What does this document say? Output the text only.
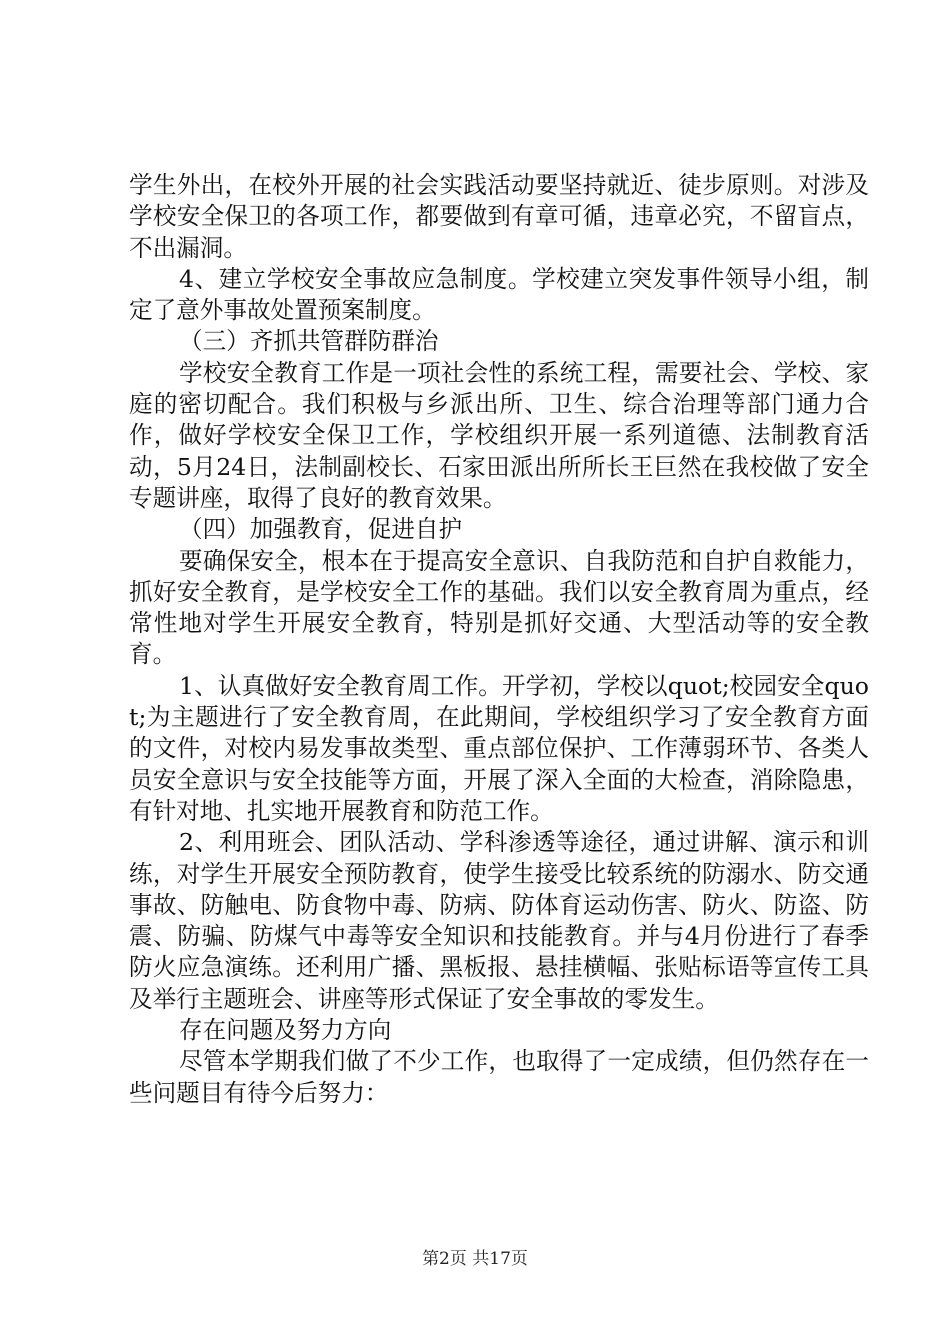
学生外出，在校外开展的社会实践活动要坚持就近、徒步原则。对涉及学校安全保卫的各项工作，都要做到有章可循，违章必究，不留盲点，不出漏洞。

4、建立学校安全事故应急制度。学校建立突发事件领导小组，制定了意外事故处置预案制度。

（三）齐抓共管群防群治

学校安全教育工作是一项社会性的系统工程，需要社会、学校、家庭的密切配合。我们积极与乡派出所、卫生、综合治理等部门通力合作，做好学校安全保卫工作，学校组织开展一系列道德、法制教育活动，5月24日，法制副校长、石家田派出所所长王巨然在我校做了安全专题讲座，取得了良好的教育效果。

（四）加强教育，促进自护

要确保安全，根本在于提高安全意识、自我防范和自护自救能力，抓好安全教育，是学校安全工作的基础。我们以安全教育周为重点，经常性地对学生开展安全教育，特别是抓好交通、大型活动等的安全教育。

1、认真做好安全教育周工作。开学初，学校以quot;校园安全quot;为主题进行了安全教育周，在此期间，学校组织学习了安全教育方面的文件，对校内易发事故类型、重点部位保护、工作薄弱环节、各类人员安全意识与安全技能等方面，开展了深入全面的大检查，消除隐患，有针对地、扎实地开展教育和防范工作。

2、利用班会、团队活动、学科渗透等途径，通过讲解、演示和训练，对学生开展安全预防教育，使学生接受比较系统的防溺水、防交通事故、防触电、防食物中毒、防病、防体育运动伤害、防火、防盗、防震、防骗、防煤气中毒等安全知识和技能教育。并与4月份进行了春季防火应急演练。还利用广播、黑板报、悬挂横幅、张贴标语等宣传工具及举行主题班会、讲座等形式保证了安全事故的零发生。

存在问题及努力方向

尽管本学期我们做了不少工作，也取得了一定成绩，但仍然存在一些问题目有待今后努力：

第2页 共17页
